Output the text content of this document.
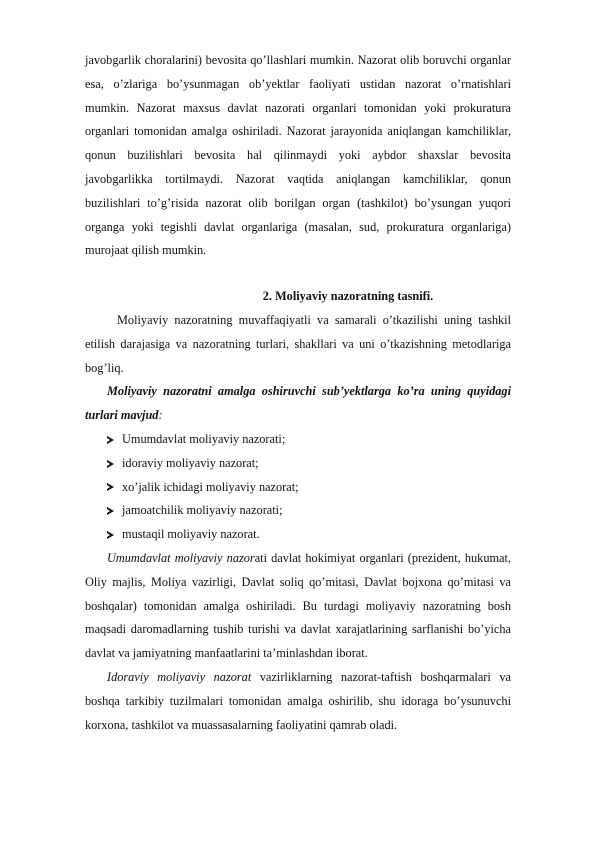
javobgarlik choralarini) bevosita qo’llashlari mumkin. Nazorat olib boruvchi organlar esa, o’zlariga bo’ysunmagan ob’yektlar faoliyati ustidan nazorat o’rnatishlari mumkin. Nazorat maxsus davlat nazorati organlari tomonidan yoki prokuratura organlari tomonidan amalga oshiriladi. Nazorat jarayonida aniqlangan kamchiliklar, qonun buzilishlari bevosita hal qilinmaydi yoki aybdor shaxslar bevosita javobgarlikka tortilmaydi. Nazorat vaqtida aniqlangan kamchiliklar, qonun buzilishlari to’g’risida nazorat olib borilgan organ (tashkilot) bo’ysungan yuqori organga yoki tegishli davlat organlariga (masalan, sud, prokuratura organlariga) murojaat qilish mumkin.

2. Moliyaviy nazoratning tasnifi.

Moliyaviy nazoratning muvaffaqiyatli va samarali o’tkazilishi uning tashkil etilish darajasiga va nazoratning turlari, shakllari va uni o’tkazishning metodlariga bog’liq.

Moliyaviy nazoratni amalga oshiruvchi sub’yektlarga ko’ra uning quyidagi turlari mavjud:

Umumdavlat moliyaviy nazorati;
idoraviy moliyaviy nazorat;
xo’jalik ichidagi moliyaviy nazorat;
jamoatchilik moliyaviy nazorati;
mustaqil moliyaviy nazorat.

Umumdavlat moliyaviy nazorati davlat hokimiyat organlari (prezident, hukumat, Oliy majlis, Moliya vazirligi, Davlat soliq qo’mitasi, Davlat bojxona qo’mitasi va boshqalar) tomonidan amalga oshiriladi. Bu turdagi moliyaviy nazoratning bosh maqsadi daromadlarning tushib turishi va davlat xarajatlarining sarflanishi bo’yicha davlat va jamiyatning manfaatlarini ta’minlashdan iborat.

Idoraviy moliyaviy nazorat vazirliklarning nazorat-taftish boshqarmalari va boshqa tarkibiy tuzilmalari tomonidan amalga oshirilib, shu idoraga bo’ysunuvchi korxona, tashkilot va muassasalarning faoliyatini qamrab oladi.
